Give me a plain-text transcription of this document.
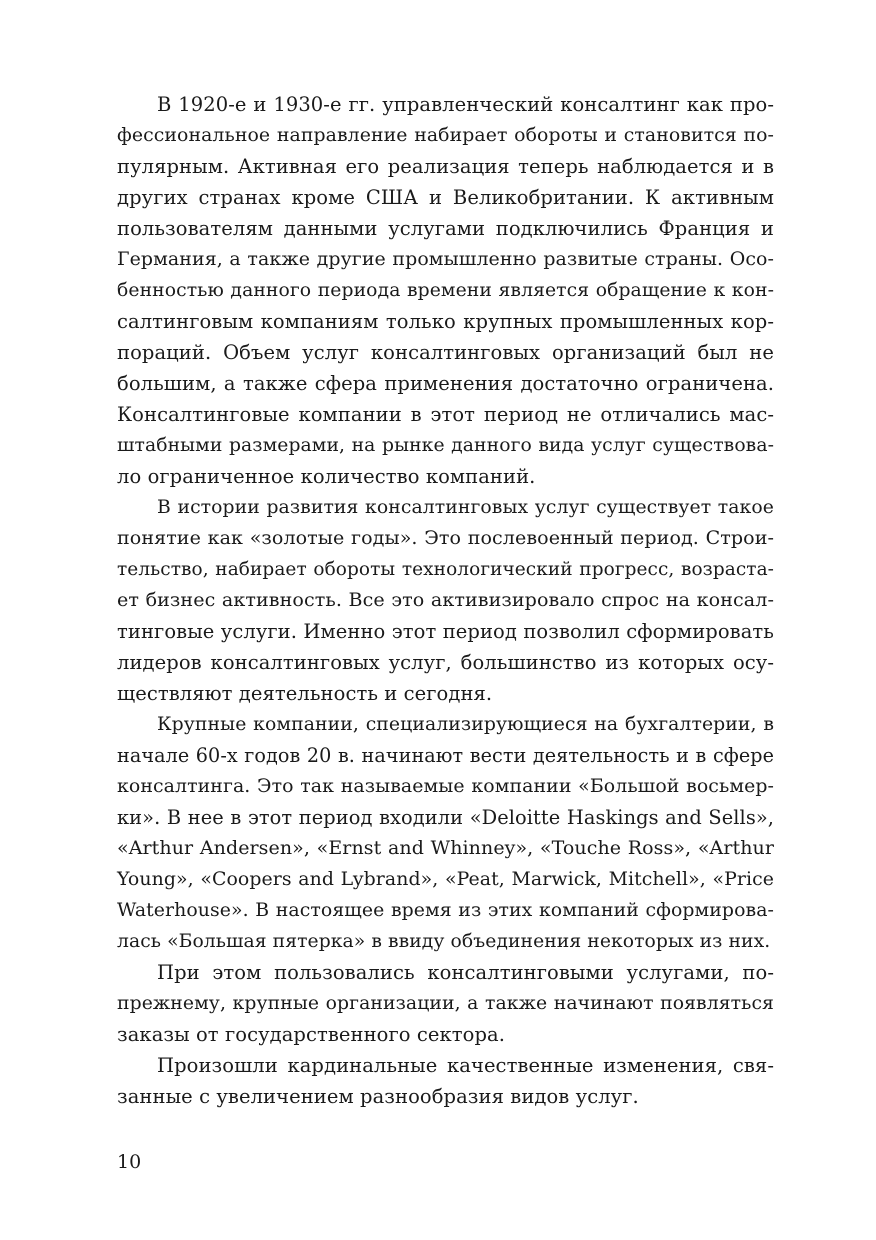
В 1920-е и 1930-е гг. управленческий консалтинг как про-
фессиональное направление набирает обороты и становится по-
пулярным. Активная его реализация теперь наблюдается и в
других странах кроме США и Великобритании. К активным
пользователям данными услугами подключились Франция и
Германия, а также другие промышленно развитые страны. Осо-
бенностью данного периода времени является обращение к кон-
салтинговым компаниям только крупных промышленных кор-
пораций. Объем услуг консалтинговых организаций был не
большим, а также сфера применения достаточно ограничена.
Консалтинговые компании в этот период не отличались мас-
штабными размерами, на рынке данного вида услуг существова-
ло ограниченное количество компаний.
В истории развития консалтинговых услуг существует такое
понятие как «золотые годы». Это послевоенный период. Строи-
тельство, набирает обороты технологический прогресс, возраста-
ет бизнес активность. Все это активизировало спрос на консал-
тинговые услуги. Именно этот период позволил сформировать
лидеров консалтинговых услуг, большинство из которых осу-
ществляют деятельность и сегодня.
Крупные компании, специализирующиеся на бухгалтерии, в
начале 60-х годов 20 в. начинают вести деятельность и в сфере
консалтинга. Это так называемые компании «Большой восьмер-
ки». В нее в этот период входили «Deloitte Haskings and Sells»,
«Arthur Andersen», «Ernst and Whinney», «Touche Ross», «Arthur
Young», «Coopers and Lybrand», «Peat, Marwick, Mitchell», «Price
Waterhouse». В настоящее время из этих компаний сформирова-
лась «Большая пятерка» в ввиду объединения некоторых из них.
При этом пользовались консалтинговыми услугами, по-
прежнему, крупные организации, а также начинают появляться
заказы от государственного сектора.
Произошли кардинальные качественные изменения, свя-
занные с увеличением разнообразия видов услуг.
10
